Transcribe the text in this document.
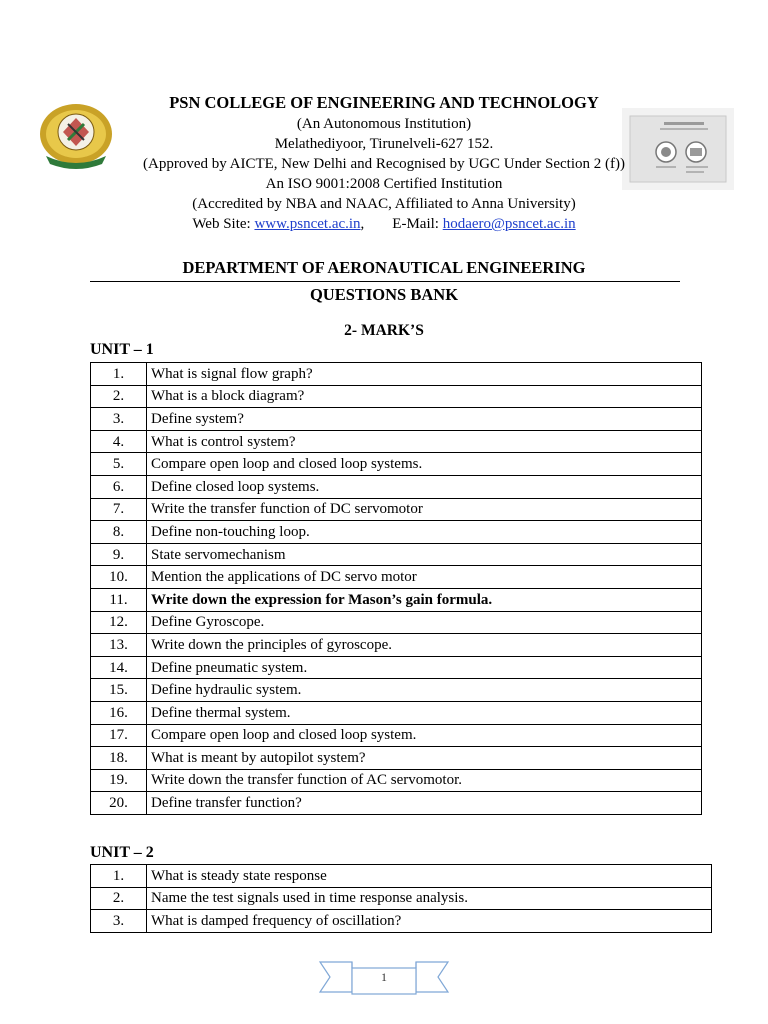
PSN COLLEGE OF ENGINEERING AND TECHNOLOGY
(An Autonomous Institution)
Melathediyoor, Tirunelveli-627 152.
(Approved by AICTE, New Delhi and Recognised by UGC Under Section 2 (f))
An ISO 9001:2008 Certified Institution
(Accredited by NBA and NAAC, Affiliated to Anna University)
Web Site: www.psncet.ac.in, E-Mail: hodaero@psncet.ac.in
DEPARTMENT OF AERONAUTICAL ENGINEERING
QUESTIONS BANK
2- MARK’S
UNIT – 1
1.	What is signal flow graph?
2.	What is a block diagram?
3.	Define system?
4.	What is control system?
5.	Compare open loop and closed loop systems.
6.	Define closed loop systems.
7.	Write the transfer function of DC servomotor
8.	Define non-touching loop.
9.	State servomechanism
10.	Mention the applications of DC servo motor
11.	Write down the expression for Mason’s gain formula.
12.	Define Gyroscope.
13.	Write down the principles of gyroscope.
14.	Define pneumatic system.
15.	Define hydraulic system.
16.	Define thermal system.
17.	Compare open loop and closed loop system.
18.	What is meant by autopilot system?
19.	Write down the transfer function of AC servomotor.
20.	Define transfer function?
UNIT – 2
1.	What is steady state response
2.	Name the test signals used in time response analysis.
3.	What is damped frequency of oscillation?
1
